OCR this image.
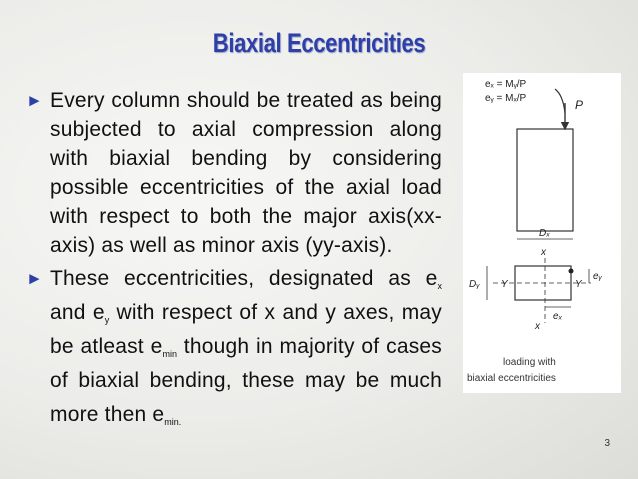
Biaxial Eccentricities
► Every column should be treated as being subjected to axial compression along with biaxial bending by considering possible eccentricities of the axial load with respect to both the major axis(xx-axis) as well as minor axis (yy-axis).
► These eccentricities, designated as $e_x$ and $e_y$ with respect of x and y axes, may be atleast $e_{min}$ though in majority of cases of biaxial bending, these may be much more then $e_{min.}$
eₓ = Mᵧ/P
eᵧ = Mₓ/P	P
Dₓ
x
Dᵧ Y	Y
eᵧ
eₓ
x
loading with
biaxial eccentricities
3
